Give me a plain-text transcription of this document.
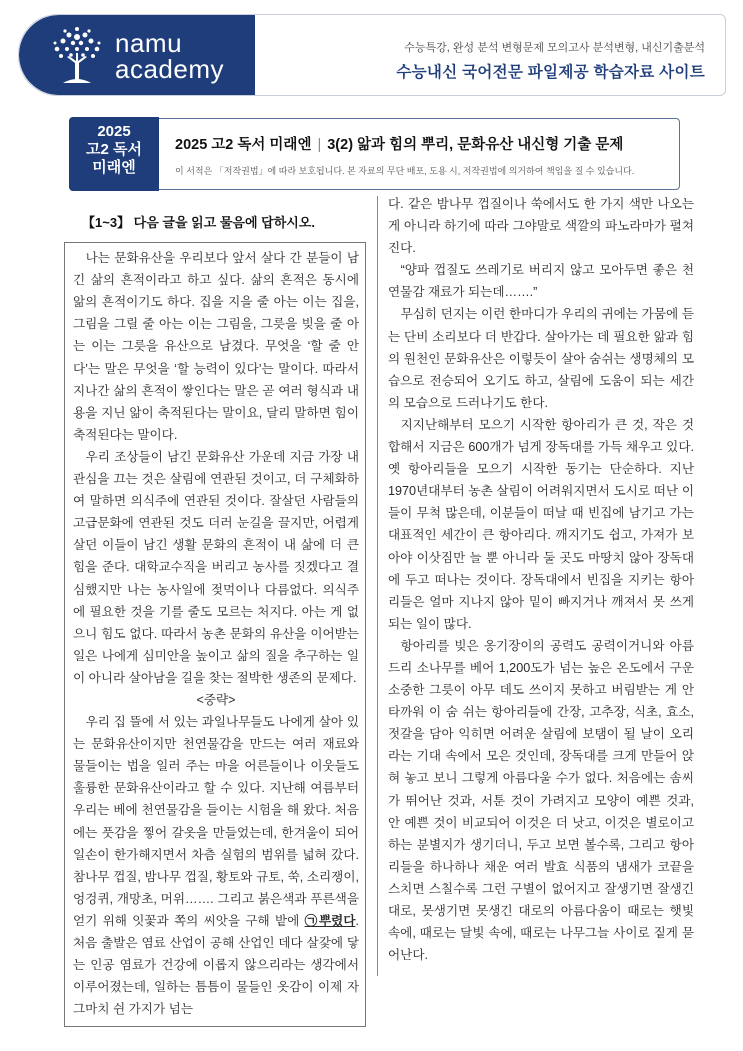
namu
academy
수능특강, 완성 분석 변형문제 모의고사 분석변형, 내신기출분석
수능내신 국어전문 파일제공 학습자료 사이트
2025
고2 독서
미래엔
2025 고2 독서 미래엔 | 3(2) 앎과 힘의 뿌리, 문화유산 내신형 기출 문제
이 서적은 「저작권법」에 따라 보호됩니다. 본 자료의 무단 배포, 도용 시, 저작권법에 의거하여 책임을 질 수 있습니다.
【1~3】 다음 글을 읽고 물음에 답하시오.

나는 문화유산을 우리보다 앞서 살다 간 분들이 남긴 삶의 흔적이라고 하고 싶다. 삶의 흔적은 동시에 앎의 흔적이기도 하다. 집을 지을 줄 아는 이는 집을, 그림을 그릴 줄 아는 이는 그림을, 그릇을 빚을 줄 아는 이는 그릇을 유산으로 남겼다. 무엇을 ‘할 줄 안다’는 말은 무엇을 ‘할 능력이 있다’는 말이다. 따라서 지나간 삶의 흔적이 쌓인다는 말은 곧 여러 형식과 내용을 지닌 앎이 축적된다는 말이요, 달리 말하면 힘이 축적된다는 말이다.

우리 조상들이 남긴 문화유산 가운데 지금 가장 내 관심을 끄는 것은 살림에 연관된 것이고, 더 구체화하여 말하면 의식주에 연관된 것이다. 잘살던 사람들의 고급문화에 연관된 것도 더러 눈길을 끌지만, 어렵게 살던 이들이 남긴 생활 문화의 흔적이 내 삶에 더 큰 힘을 준다. 대학교수직을 버리고 농사를 짓겠다고 결심했지만 나는 농사일에 젖먹이나 다름없다. 의식주에 필요한 것을 기를 줄도 모르는 처지다. 아는 게 없으니 힘도 없다. 따라서 농촌 문화의 유산을 이어받는 일은 나에게 심미안을 높이고 삶의 질을 추구하는 일이 아니라 살아남을 길을 찾는 절박한 생존의 문제다.

<중략>

우리 집 뜰에 서 있는 과일나무들도 나에게 살아 있는 문화유산이지만 천연물감을 만드는 여러 재료와 물들이는 법을 일러 주는 마을 어른들이나 이웃들도 훌륭한 문화유산이라고 할 수 있다. 지난해 여름부터 우리는 베에 천연물감을 들이는 시험을 해 왔다. 처음에는 풋감을 찧어 갈옷을 만들었는데, 한겨울이 되어 일손이 한가해지면서 차츰 실험의 범위를 넓혀 갔다. 참나무 껍질, 밤나무 껍질, 황토와 규토, 쑥, 소리쟁이, 엉겅퀴, 개망초, 머위……. 그리고 붉은색과 푸른색을 얻기 위해 잇꽃과 쪽의 씨앗을 구해 밭에 ㉠뿌렸다. 처음 출발은 염료 산업이 공해 산업인 데다 살갗에 닿는 인공 염료가 건강에 이롭지 않으리라는 생각에서 이루어졌는데, 일하는 틈틈이 물들인 옷감이 이제 자그마치 쉰 가지가 넘는

다. 같은 밤나무 껍질이나 쑥에서도 한 가지 색만 나오는 게 아니라 하기에 따라 그야말로 색깔의 파노라마가 펼쳐진다.

“양파 껍질도 쓰레기로 버리지 않고 모아두면 좋은 천연물감 재료가 되는데…….”

무심히 던지는 이런 한마디가 우리의 귀에는 가뭄에 듣는 단비 소리보다 더 반갑다. 살아가는 데 필요한 앎과 힘의 원천인 문화유산은 이렇듯이 살아 숨쉬는 생명체의 모습으로 전승되어 오기도 하고, 살림에 도움이 되는 세간의 모습으로 드러나기도 한다.

지지난해부터 모으기 시작한 항아리가 큰 것, 작은 것 합해서 지금은 600개가 넘게 장독대를 가득 채우고 있다. 옛 항아리들을 모으기 시작한 동기는 단순하다. 지난 1970년대부터 농촌 살림이 어려워지면서 도시로 떠난 이들이 무척 많은데, 이분들이 떠날 때 빈집에 남기고 가는 대표적인 세간이 큰 항아리다. 깨지기도 쉽고, 가져가 보아야 이삿짐만 늘 뿐 아니라 둘 곳도 마땅치 않아 장독대에 두고 떠나는 것이다. 장독대에서 빈집을 지키는 항아리들은 얼마 지나지 않아 밑이 빠지거나 깨져서 못 쓰게 되는 일이 많다.

항아리를 빚은 옹기장이의 공력도 공력이거니와 아름드리 소나무를 베어 1,200도가 넘는 높은 온도에서 구운 소중한 그릇이 아무 데도 쓰이지 못하고 버림받는 게 안타까워 이 숨 쉬는 항아리들에 간장, 고추장, 식초, 효소, 젓갈을 담아 익히면 어려운 살림에 보탬이 될 날이 오리라는 기대 속에서 모은 것인데, 장독대를 크게 만들어 앉혀 놓고 보니 그렇게 아름다울 수가 없다. 처음에는 솜씨가 뛰어난 것과, 서툰 것이 가려지고 모양이 예쁜 것과, 안 예쁜 것이 비교되어 이것은 더 낫고, 이것은 별로이고 하는 분별지가 생기더니, 두고 보면 볼수록, 그리고 항아리들을 하나하나 채운 여러 발효 식품의 냄새가 코끝을 스치면 스칠수록 그런 구별이 없어지고 잘생기면 잘생긴 대로, 못생기면 못생긴 대로의 아름다움이 때로는 햇빛 속에, 때로는 달빛 속에, 때로는 나무그늘 사이로 짙게 묻어난다.
